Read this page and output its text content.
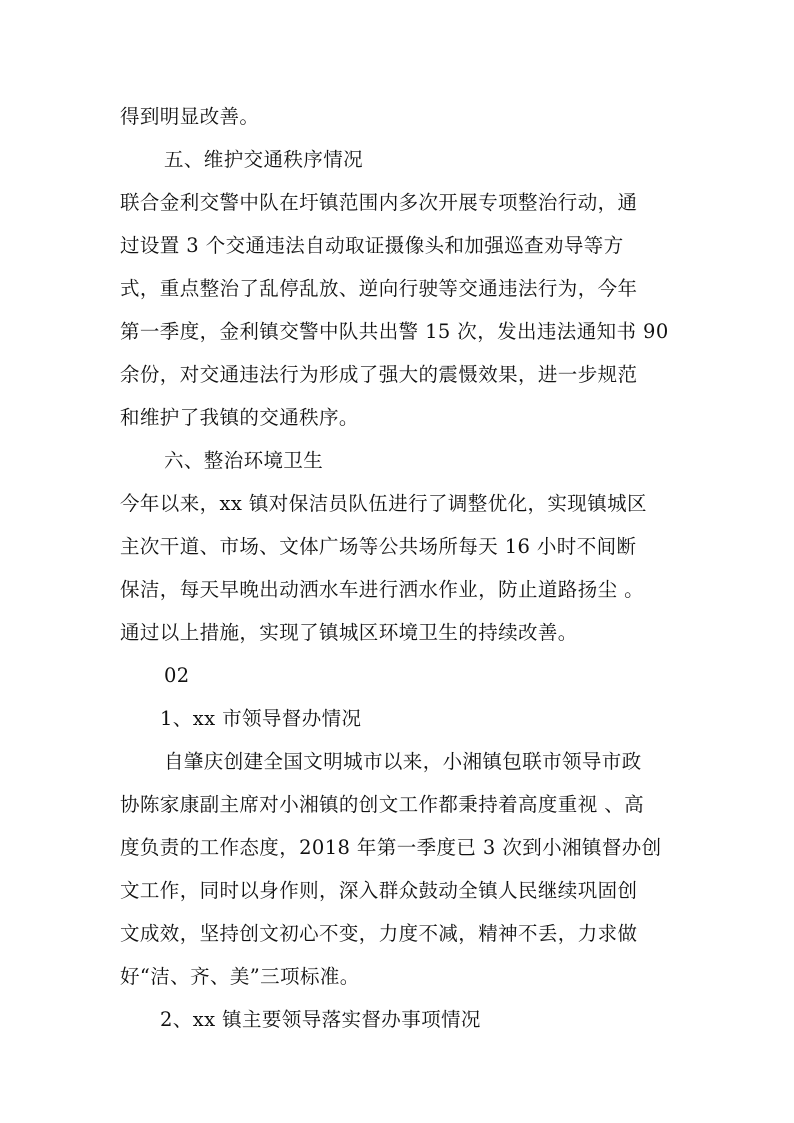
得到明显改善。
五、维护交通秩序情况
联合金利交警中队在圩镇范围内多次开展专项整治行动，通
过设置 3 个交通违法自动取证摄像头和加强巡查劝导等方
式，重点整治了乱停乱放、逆向行驶等交通违法行为，今年
第一季度，金利镇交警中队共出警 15 次，发出违法通知书 90
余份，对交通违法行为形成了强大的震慑效果，进一步规范
和维护了我镇的交通秩序。
六、整治环境卫生
今年以来，xx 镇对保洁员队伍进行了调整优化，实现镇城区
主次干道、市场、文体广场等公共场所每天 16 小时不间断
保洁，每天早晚出动洒水车进行洒水作业，防止道路扬尘 。
通过以上措施，实现了镇城区环境卫生的持续改善。
02
1、xx 市领导督办情况
自肇庆创建全国文明城市以来，小湘镇包联市领导市政
协陈家康副主席对小湘镇的创文工作都秉持着高度重视 、高
度负责的工作态度，2018 年第一季度已 3 次到小湘镇督办创
文工作，同时以身作则，深入群众鼓动全镇人民继续巩固创
文成效，坚持创文初心不变，力度不减，精神不丢，力求做
好“洁、齐、美”三项标准。
2、xx 镇主要领导落实督办事项情况
